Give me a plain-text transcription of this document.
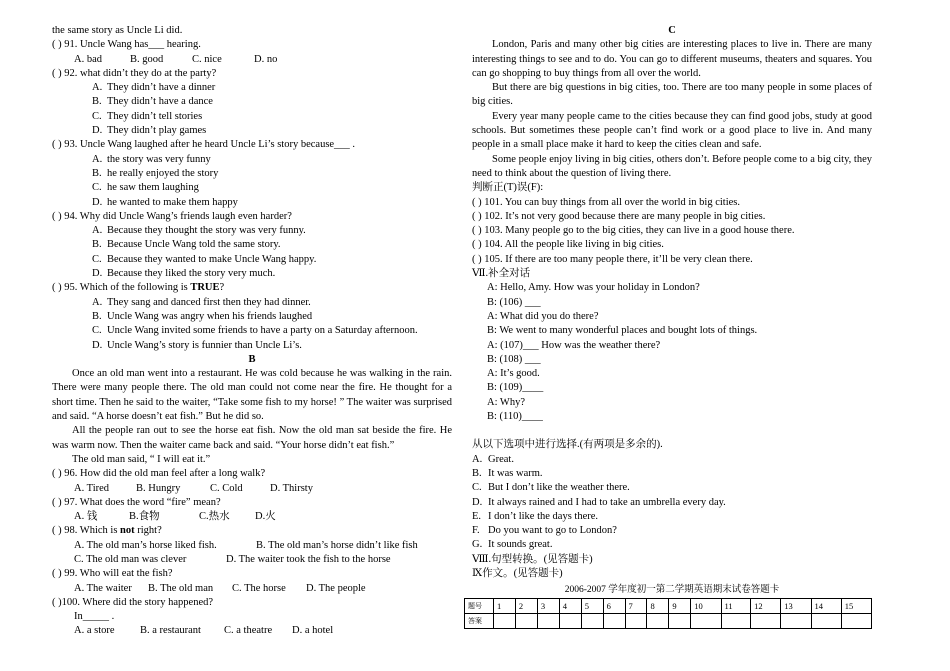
the same story as Uncle Li did.
( ) 91. Uncle Wang has___ hearing.
A. bad	B. good	C. nice	D. no
( ) 92. what didn’t they do at the party?
A. They didn’t have a dinner
B. They didn’t have a dance
C. They didn’t tell stories
D. They didn’t play games
( ) 93. Uncle Wang laughed after he heard Uncle Li’s story because___ .
A. the story was very funny
B. he really enjoyed the story
C. he saw them laughing
D. he wanted to make them happy
( ) 94. Why did Uncle Wang’s friends laugh even harder?
A. Because they thought the story was very funny.
B. Because Uncle Wang told the same story.
C. Because they wanted to make Uncle Wang happy.
D. Because they liked the story very much.
( ) 95. Which of the following is TRUE?
A. They sang and danced first then they had dinner.
B. Uncle Wang was angry when his friends laughed
C. Uncle Wang invited some friends to have a party on a Saturday afternoon.
D. Uncle Wang’s story is funnier than Uncle Li’s.
B
Once an old man went into a restaurant. He was cold because he was walking in the rain. There were many people there. The old man could not come near the fire. He thought for a short time. Then he said to the waiter, “Take some fish to my horse! ” The waiter was surprised and said. “A horse doesn’t eat fish.” But he did so.
All the people ran out to see the horse eat fish. Now the old man sat beside the fire. He was warm now. Then the waiter came back and said. “Your horse didn’t eat fish.”
The old man said, “ I will eat it.”
( ) 96. How did the old man feel after a long walk?
A. Tired	B. Hungry	C. Cold	D. Thirsty
( ) 97. What does the word “fire” mean?
A. 钱	B.食物	C.热水 D.火
( ) 98. Which is not right?
A. The old man’s horse liked fish.	B. The old man’s horse didn’t like fish
C. The old man was clever	D. The waiter took the fish to the horse
( ) 99. Who will eat the fish?
A. The waiter B. The old man C. The horse D. The people
( )100. Where did the story happened?
In_____ .
A. a store B. a restaurant C. a theatre D. a hotel
C
London, Paris and many other big cities are interesting places to live in. There are many interesting things to see and to do. You can go to different museums, theaters and squares. You can go shopping to buy things from all over the world.
But there are big questions in big cities, too. There are too many people in some places of big cities.
Every year many people came to the cities because they can find good jobs, study at good schools. But sometimes these people can’t find work or a good place to live in. And many people in a small place make it hard to keep the cities clean and safe.
Some people enjoy living in big cities, others don’t. Before people come to a big city, they need to think about the question of living there.
判断正(T)误(F):
( ) 101. You can buy things from all over the world in big cities.
( ) 102. It’s not very good because there are many people in big cities.
( ) 103. Many people go to the big cities, they can live in a good house there.
( ) 104. All the people like living in big cities.
( ) 105. If there are too many people there, it’ll be very clean there.
Ⅶ.补全对话
A: Hello, Amy. How was your holiday in London?
B: (106) ___
A: What did you do there?
B: We went to many wonderful places and bought lots of things.
A: (107)___ How was the weather there?
B: (108) ___
A: It’s good.
B: (109)____
A: Why?
B: (110)____
从以下选项中进行选择.(有两项是多余的).
A. Great.
B. It was warm.
C. But I don’t like the weather there.
D. It always rained and I had to take an umbrella every day.
E. I don’t like the days there.
F. Do you want to go to London?
G. It sounds great.
Ⅷ.句型转换。(见答题卡)
Ⅸ作文。(见答题卡)
2006-2007 学年度初一第二学期英语期末试卷答题卡
题号	1	2	3	4	5	6	7	8	9	10	11	12	13	14	15
答案															
